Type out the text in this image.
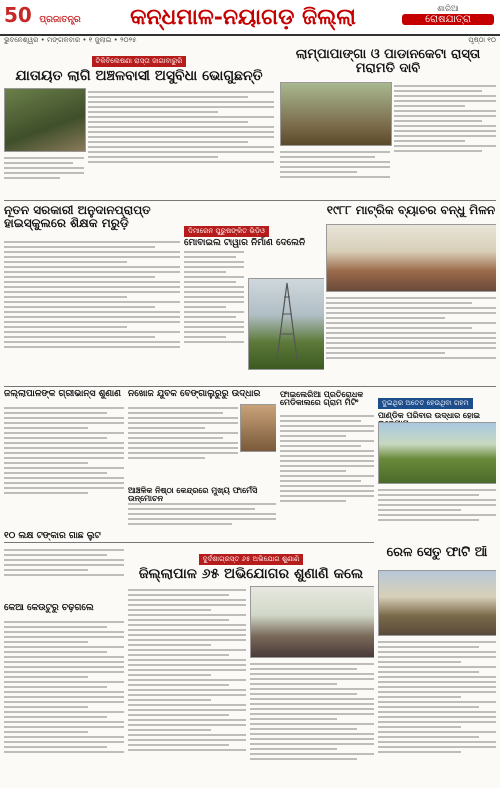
50 ପ୍ରଜାତନ୍ତ୍ର	କନ୍ଧମାଳ-ନୟାଗଡ଼ ଜିଲ୍ଲା	ଶାରିଆ
ରୋଷଯାତ୍ରା
ଭୁବନେଶ୍ୱର • ମଙ୍ଗଳବାର • ୧ ଜୁଲାଇ • ୨୦୨୫	ପୃଷ୍ଠା ୧୦
ଟିକିବିଲେଷଣା ରାସ୍ତା ଜାଗାବାରୁରି
ଯାତାୟତ ଲାଗି ଅଞ୍ଚଳବାସୀ ଅସୁବିଧା ଭୋଗୁଛନ୍ତି
ଲାମ୍ପାପାଙ୍ଗା ଓ ପାଡାନକେଟା ରାସ୍ତା ମରାମତି ଦାବି
ନୂତନ ସରକାରୀ ଅନୁଦାନପ୍ରାପ୍ତ ହାଇସ୍କୁଲରେ ଶିକ୍ଷକ ମରୁଡ଼ି
ଦିମୀରେନ ପୁରୁଷଙ୍କିତ ଭିଡ଼ିଓ
ମୋବାଇଲ ଟାୱାର ନିର୍ମାଣ ଦେଲେନି
୧୯୮୮ ମାଟ୍ରିକ ବ୍ୟାଚର ବନ୍ଧୁ ମିଳନ
ଜିଲ୍ଲାପାଳଙ୍କ ଗ୍ରୀଭାନ୍ସ ଶୁଣାଣି ନିଖୋଜ ଯୁବକ ବେଙ୍ଗାଲୁରୁରୁ ଉଦ୍ଧାର
ଆଞ୍ଚଳିକ ନିଷ୍ଠା କେନ୍ଦ୍ରରେ ମୁଖ୍ୟ ଫାର୍ମେସି ଉନ୍ମୋଚନ
ଫାଇଲେରିଆ ପ୍ରତିରୋଧକ ମେଡିକାଲରେ ଗ୍ରାମ ମିଟିଂ	ଦୁଇଥିର ଅତେତ ହେଉଥିବା ଗହମ
ପାଣ୍ଡିକ ପରିବାର ଉଦ୍‌ଧାର ହୋଇ
୧୦ ଲକ୍ଷ ଟଙ୍କାର ଗାଛ ଲୁଟ
ଦୁର୍ଦଶାଗ୍ରସ୍ତ ୬୫ ଅଭିଯୋଗ ଶୁଣାଣି
ଜିଲ୍ଲାପାଳ ୬୫ ଅଭିଯୋଗର ଶୁଣାଣି କଲେ
କେଆଁ କେଉଁଟୁରୁ ଚଢ଼ିଗଲେ
ରେଳ ସେତୁ ଫାଟି ଆଁ
